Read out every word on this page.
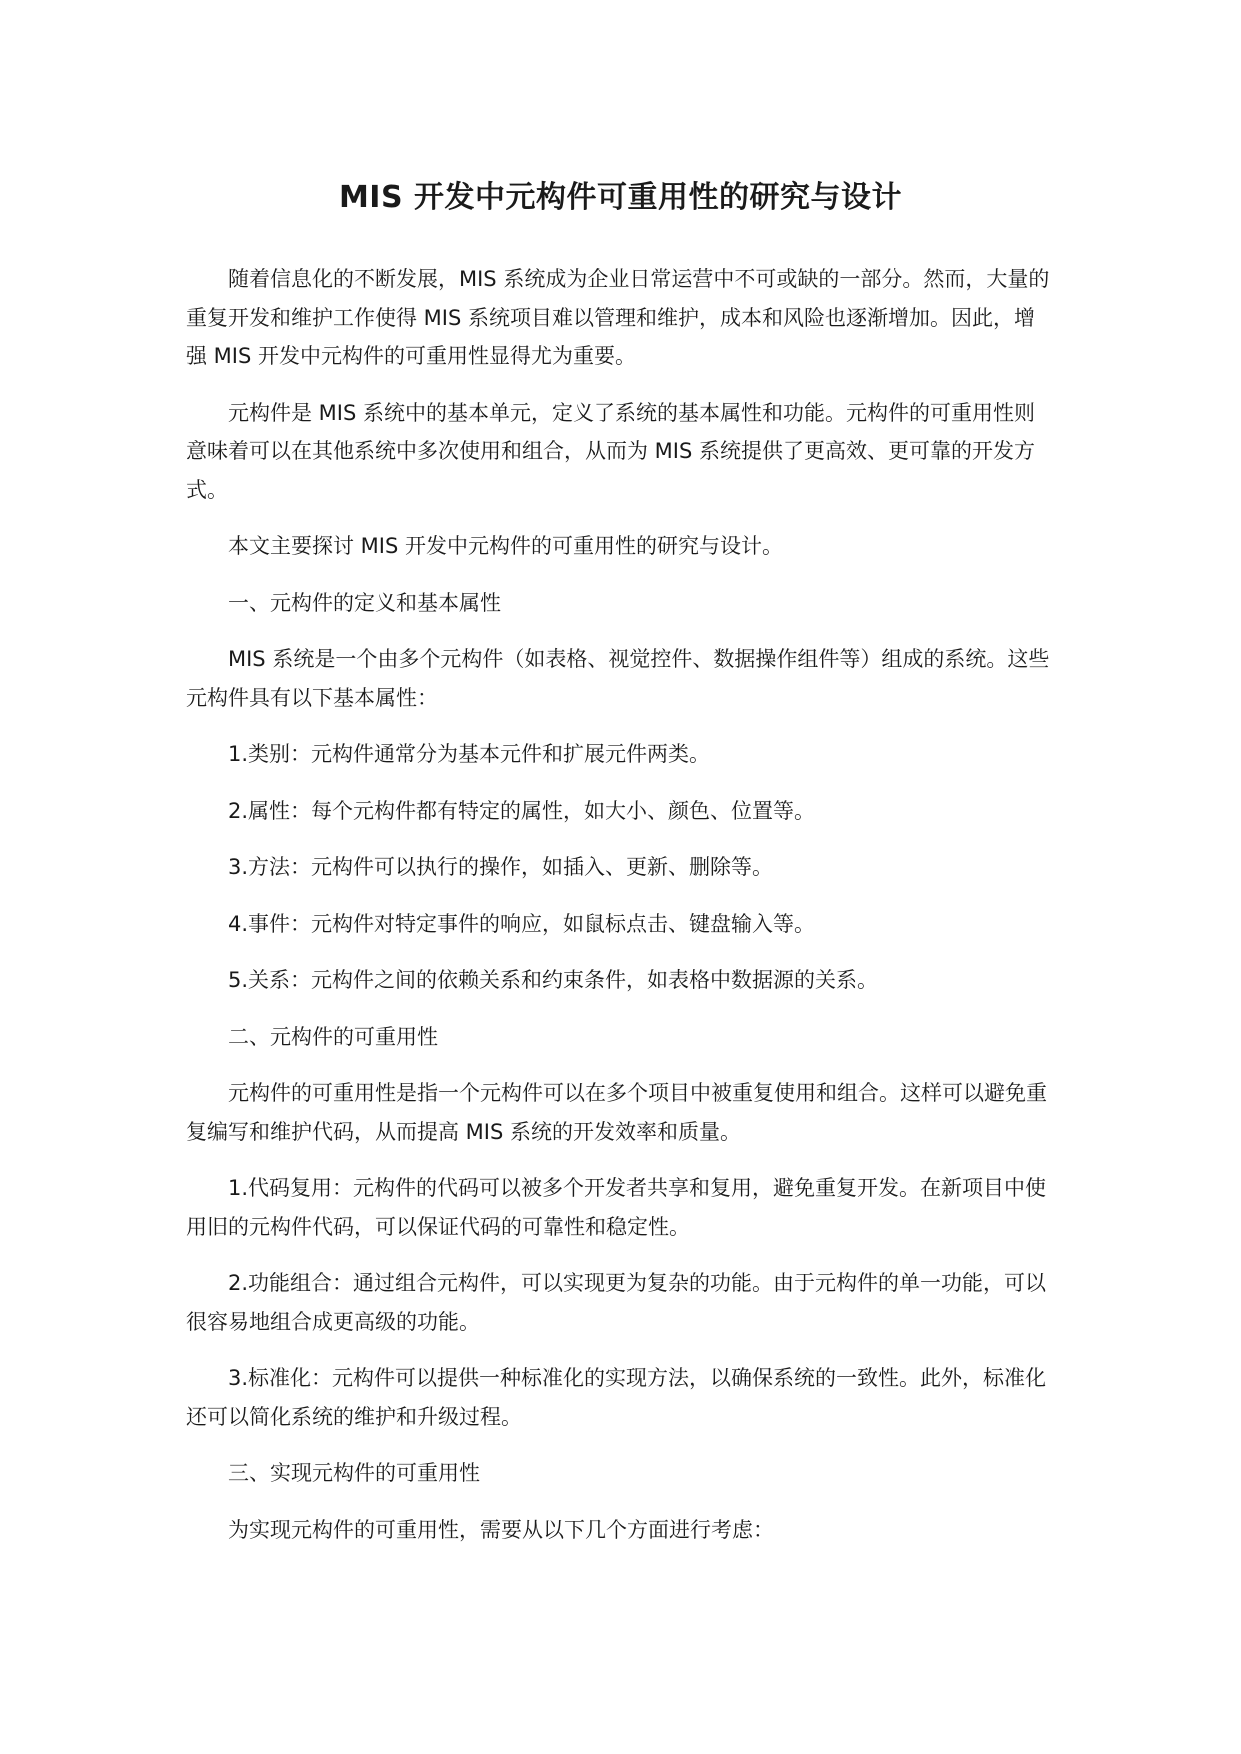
MIS 开发中元构件可重用性的研究与设计

随着信息化的不断发展，MIS 系统成为企业日常运营中不可或缺的一部分。然而，大量的重复开发和维护工作使得 MIS 系统项目难以管理和维护，成本和风险也逐渐增加。因此，增强 MIS 开发中元构件的可重用性显得尤为重要。

元构件是 MIS 系统中的基本单元，定义了系统的基本属性和功能。元构件的可重用性则意味着可以在其他系统中多次使用和组合，从而为 MIS 系统提供了更高效、更可靠的开发方式。

本文主要探讨 MIS 开发中元构件的可重用性的研究与设计。

一、元构件的定义和基本属性

MIS 系统是一个由多个元构件（如表格、视觉控件、数据操作组件等）组成的系统。这些元构件具有以下基本属性：

1.类别：元构件通常分为基本元件和扩展元件两类。

2.属性：每个元构件都有特定的属性，如大小、颜色、位置等。

3.方法：元构件可以执行的操作，如插入、更新、删除等。

4.事件：元构件对特定事件的响应，如鼠标点击、键盘输入等。

5.关系：元构件之间的依赖关系和约束条件，如表格中数据源的关系。

二、元构件的可重用性

元构件的可重用性是指一个元构件可以在多个项目中被重复使用和组合。这样可以避免重复编写和维护代码，从而提高 MIS 系统的开发效率和质量。

1.代码复用：元构件的代码可以被多个开发者共享和复用，避免重复开发。在新项目中使用旧的元构件代码，可以保证代码的可靠性和稳定性。

2.功能组合：通过组合元构件，可以实现更为复杂的功能。由于元构件的单一功能，可以很容易地组合成更高级的功能。

3.标准化：元构件可以提供一种标准化的实现方法，以确保系统的一致性。此外，标准化还可以简化系统的维护和升级过程。

三、实现元构件的可重用性

为实现元构件的可重用性，需要从以下几个方面进行考虑：
